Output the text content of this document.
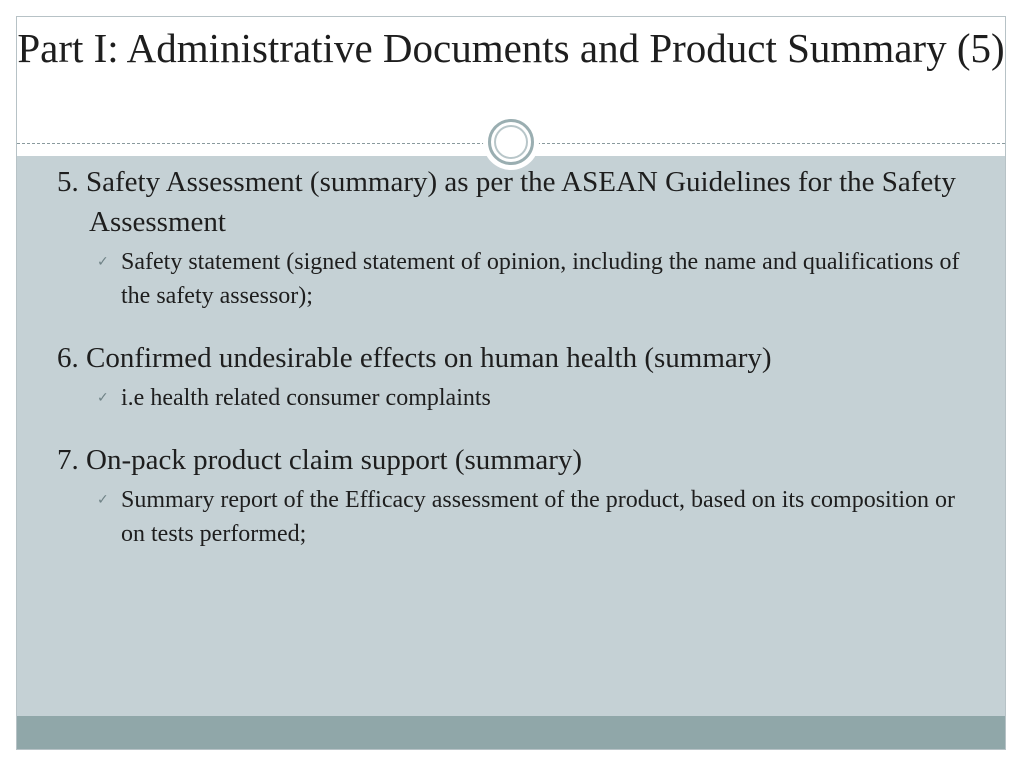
Part I: Administrative Documents and Product Summary (5)

5. Safety Assessment (summary) as per the ASEAN Guidelines for the Safety Assessment

✓ Safety statement (signed statement of opinion, including the name and qualifications of the safety assessor);

6. Confirmed undesirable effects on human health (summary)

✓ i.e health related consumer complaints

7. On-pack product claim support (summary)

✓ Summary report of the Efficacy assessment of the product, based on its composition or on tests performed;
